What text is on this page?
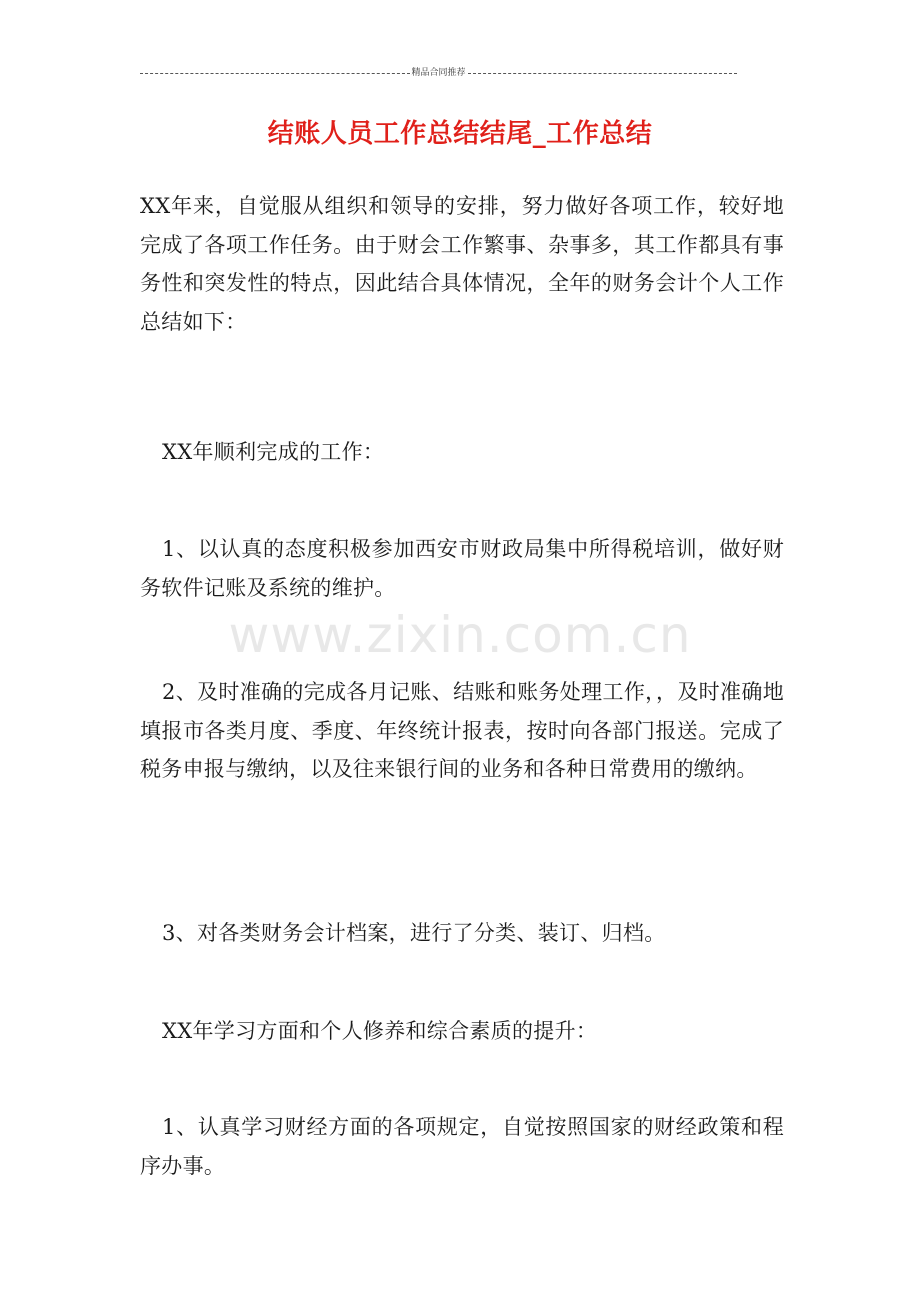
精品合同推荐
结账人员工作总结结尾_工作总结
www.zixin.com.cn

XX年来，自觉服从组织和领导的安排，努力做好各项工作，较好地完成了各项工作任务。由于财会工作繁事、杂事多，其工作都具有事务性和突发性的特点，因此结合具体情况，全年的财务会计个人工作总结如下：

XX年顺利完成的工作：

1、以认真的态度积极参加西安市财政局集中所得税培训，做好财务软件记账及系统的维护。

2、及时准确的完成各月记账、结账和账务处理工作，，及时准确地填报市各类月度、季度、年终统计报表，按时向各部门报送。完成了税务申报与缴纳，以及往来银行间的业务和各种日常费用的缴纳。

3、对各类财务会计档案，进行了分类、装订、归档。

XX年学习方面和个人修养和综合素质的提升：

1、认真学习财经方面的各项规定，自觉按照国家的财经政策和程序办事。
